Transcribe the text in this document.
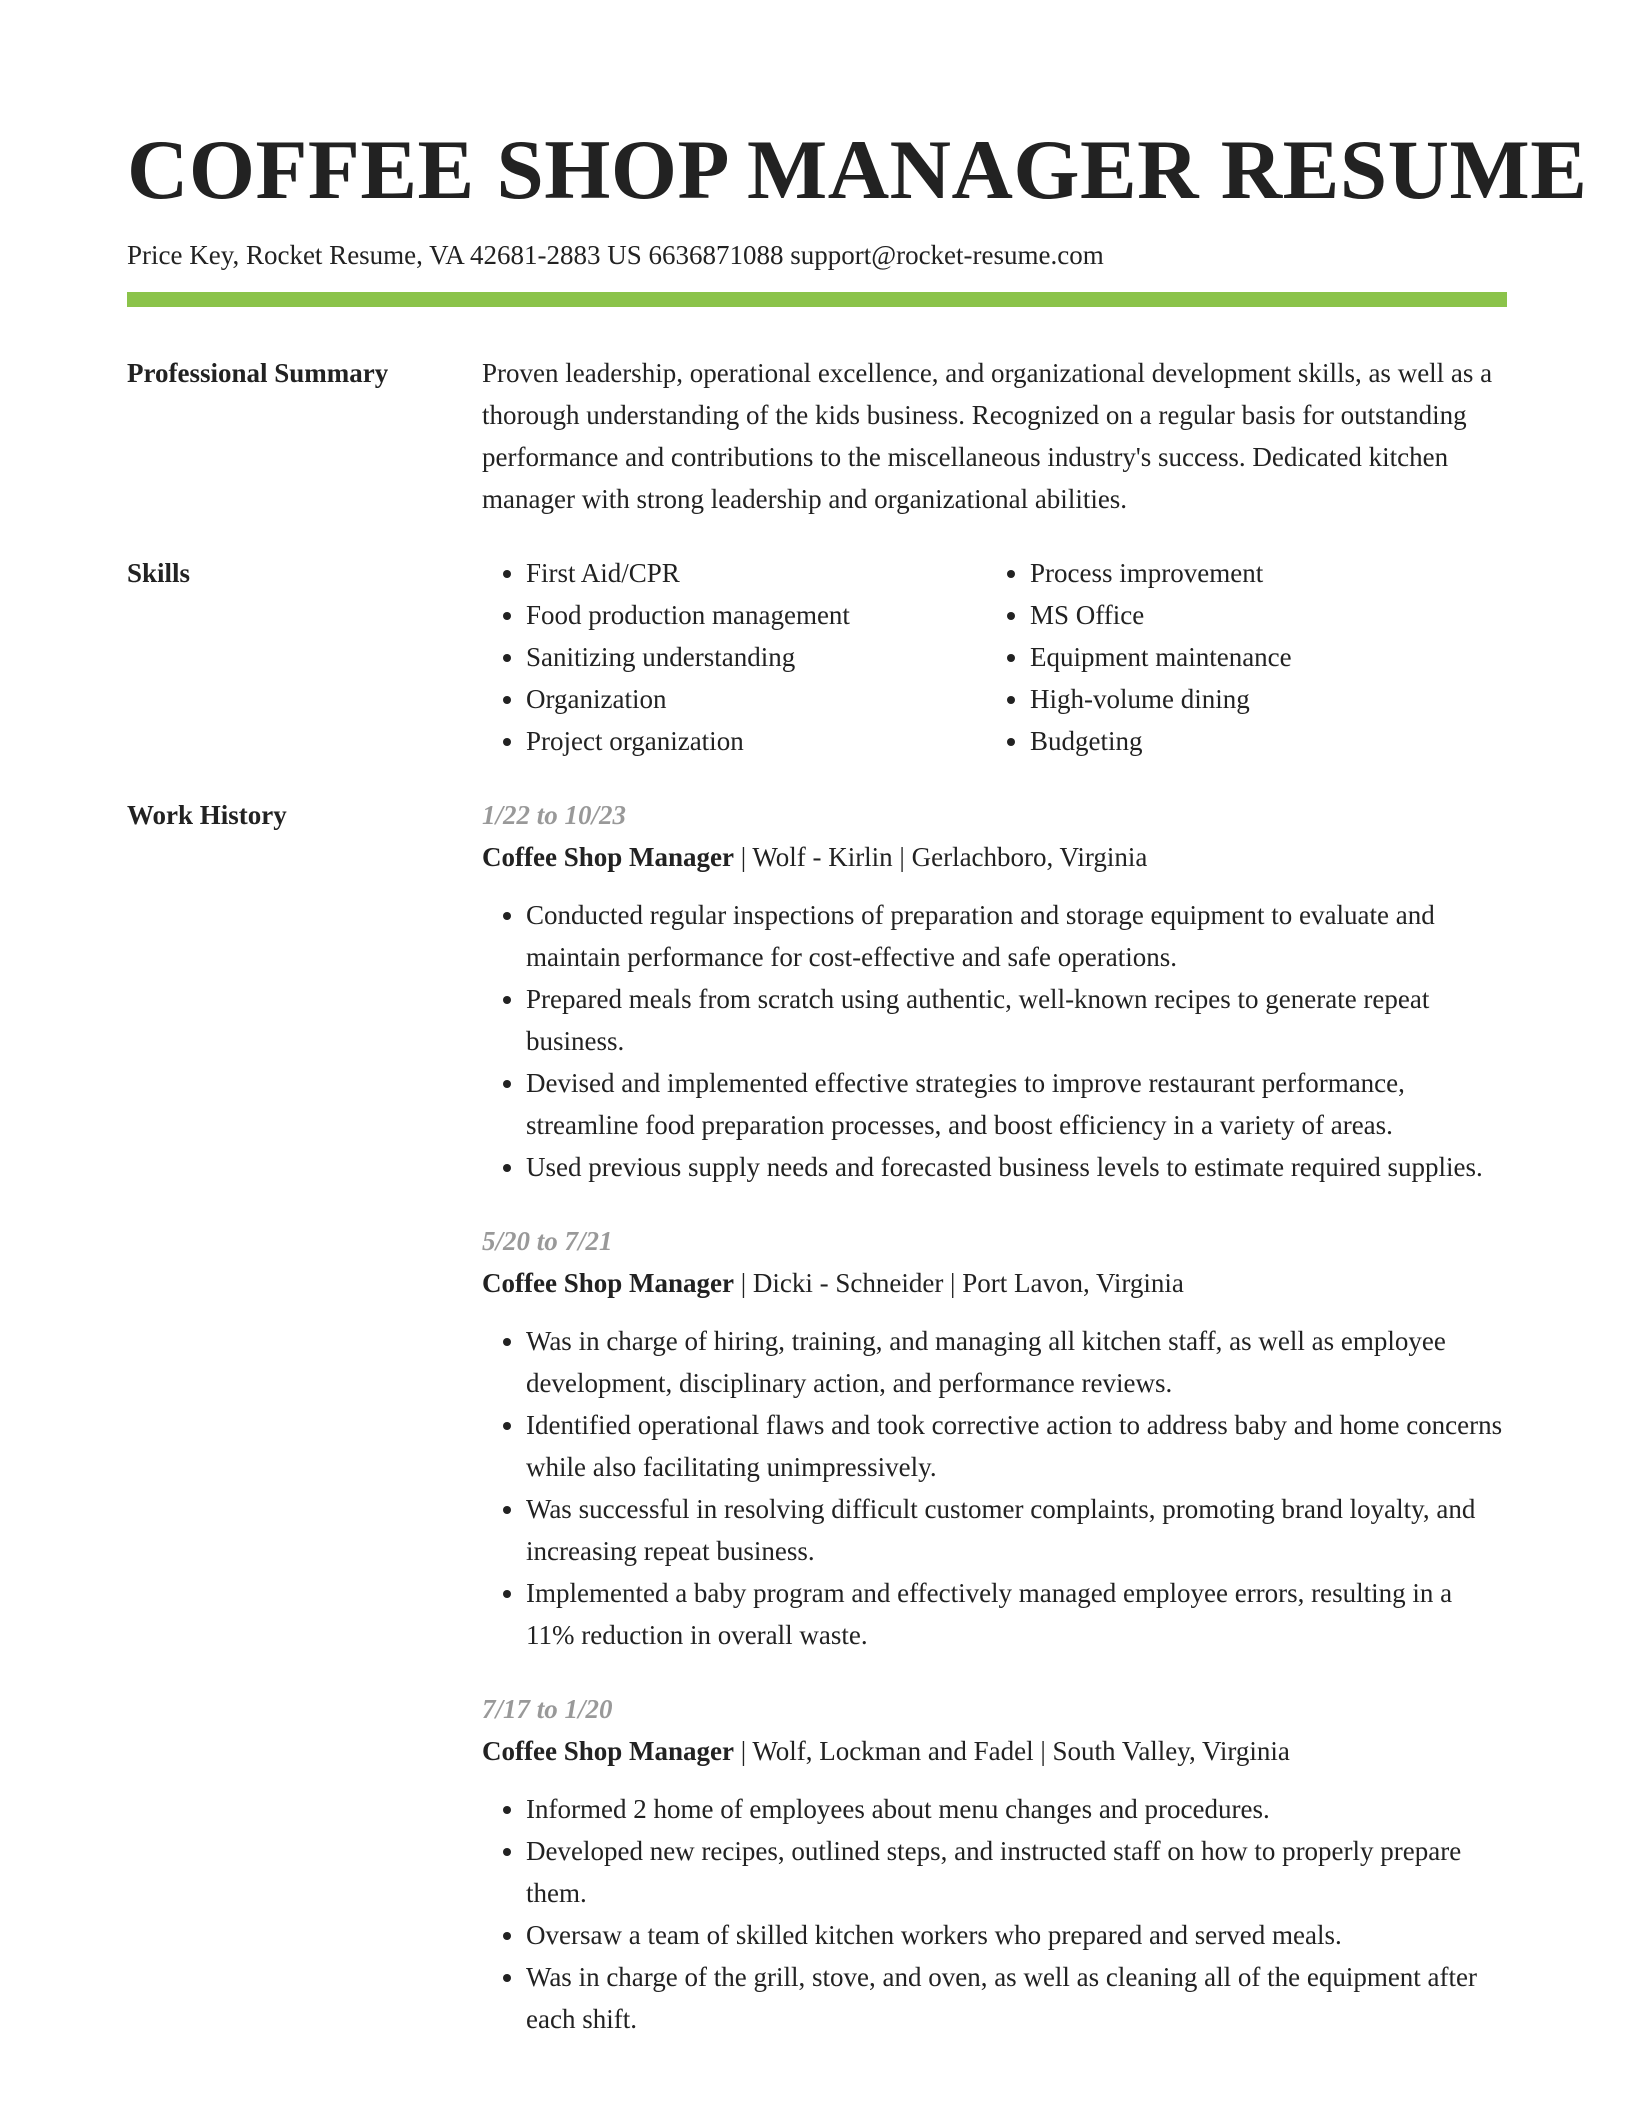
COFFEE SHOP MANAGER RESUME
Price Key, Rocket Resume, VA 42681-2883 US 6636871088 support@rocket-resume.com
Professional Summary	Proven leadership, operational excellence, and organizational development skills, as well as a thorough understanding of the kids business. Recognized on a regular basis for outstanding performance and contributions to the miscellaneous industry's success. Dedicated kitchen manager with strong leadership and organizational abilities.
Skills
•	First Aid/CPR
• Food production management
• Sanitizing understanding
• Organization
• Project organization
• Process improvement
• MS Office
• Equipment maintenance
• High-volume dining
• Budgeting
Work History	1/22 to 10/23
Coffee Shop Manager | Wolf - Kirlin | Gerlachboro, Virginia
• Conducted regular inspections of preparation and storage equipment to evaluate and maintain performance for cost-effective and safe operations.
• Prepared meals from scratch using authentic, well-known recipes to generate repeat business.
• Devised and implemented effective strategies to improve restaurant performance, streamline food preparation processes, and boost efficiency in a variety of areas.
• Used previous supply needs and forecasted business levels to estimate required supplies.
5/20 to 7/21
Coffee Shop Manager | Dicki - Schneider | Port Lavon, Virginia
• Was in charge of hiring, training, and managing all kitchen staff, as well as employee development, disciplinary action, and performance reviews.
• Identified operational flaws and took corrective action to address baby and home concerns while also facilitating unimpressively.
• Was successful in resolving difficult customer complaints, promoting brand loyalty, and increasing repeat business.
• Implemented a baby program and effectively managed employee errors, resulting in a 11% reduction in overall waste.
7/17 to 1/20
Coffee Shop Manager | Wolf, Lockman and Fadel | South Valley, Virginia
• Informed 2 home of employees about menu changes and procedures.
• Developed new recipes, outlined steps, and instructed staff on how to properly prepare them.
• Oversaw a team of skilled kitchen workers who prepared and served meals.
• Was in charge of the grill, stove, and oven, as well as cleaning all of the equipment after each shift.
